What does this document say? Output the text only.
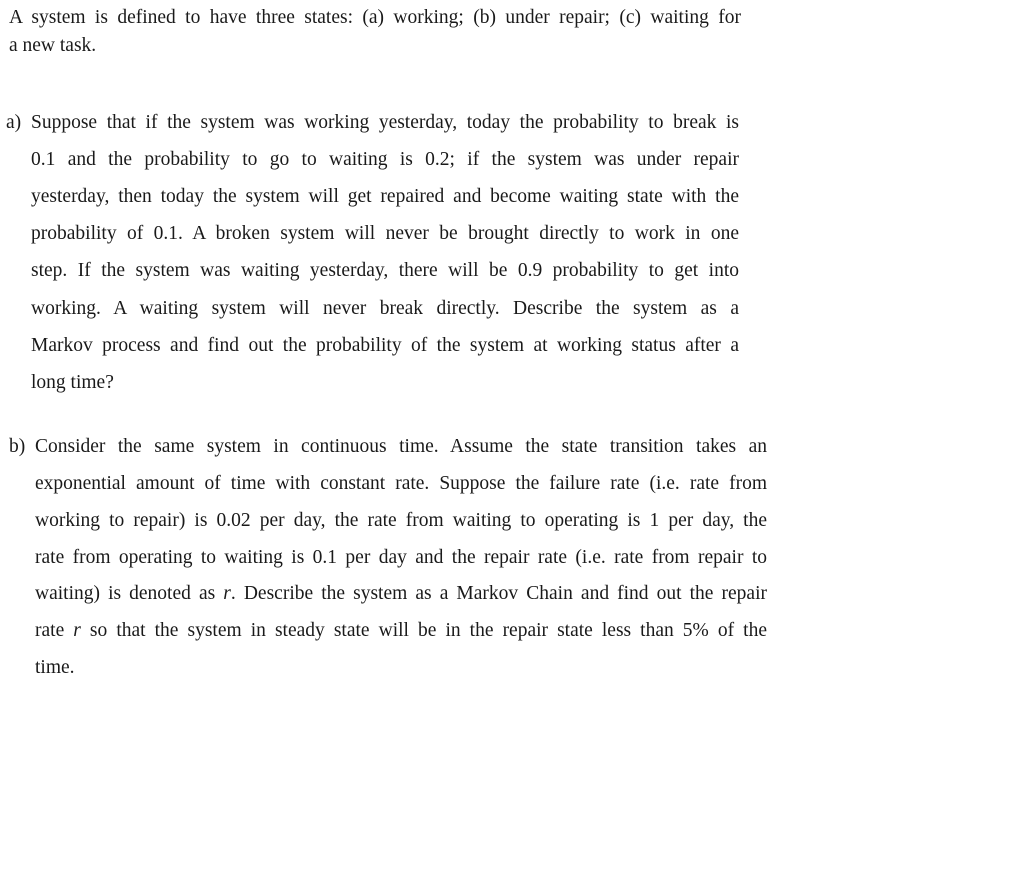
A system is defined to have three states: (a) working; (b) under repair; (c) waiting for
a new task.
a) Suppose that if the system was working yesterday, today the probability to break is
0.1 and the probability to go to waiting is 0.2; if the system was under repair
yesterday, then today the system will get repaired and become waiting state with the
probability of 0.1. A broken system will never be brought directly to work in one
step. If the system was waiting yesterday, there will be 0.9 probability to get into
working. A waiting system will never break directly. Describe the system as a
Markov process and find out the probability of the system at working status after a
long time?
b) Consider the same system in continuous time. Assume the state transition takes an
exponential amount of time with constant rate. Suppose the failure rate (i.e. rate from
working to repair) is 0.02 per day, the rate from waiting to operating is 1 per day, the
rate from operating to waiting is 0.1 per day and the repair rate (i.e. rate from repair to
waiting) is denoted as r. Describe the system as a Markov Chain and find out the repair
rate r so that the system in steady state will be in the repair state less than 5% of the
time.
